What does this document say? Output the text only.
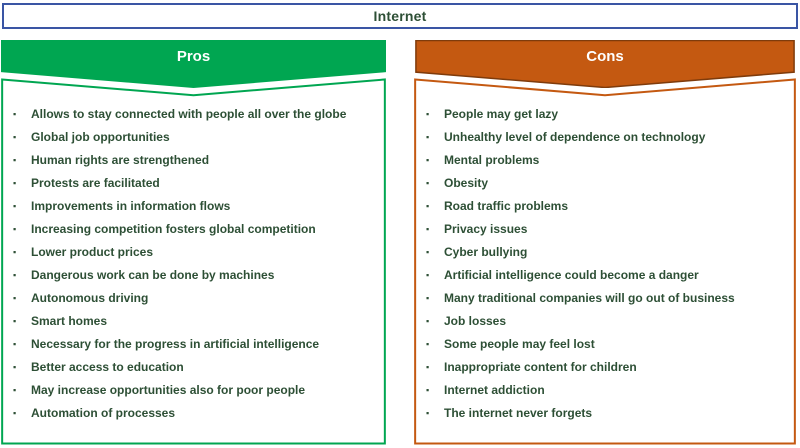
Internet
▪	Allows to stay connected with people all over the globe
▪	Global job opportunities
▪	Human rights are strengthened
▪	Protests are facilitated
▪	Improvements in information flows
▪	Increasing competition fosters global competition
▪	Lower product prices
▪	Dangerous work can be done by machines
▪	Autonomous driving
▪	Smart homes
▪	Necessary for the progress in artificial intelligence
▪	Better access to education
▪	May increase opportunities also for poor people
▪	Automation of processes
Pros
▪	People may get lazy
▪	Unhealthy level of dependence on technology
▪	Mental problems
▪	Obesity
▪	Road traffic problems
▪	Privacy issues
▪	Cyber bullying
▪	Artificial intelligence could become a danger
▪	Many traditional companies will go out of business
▪	Job losses
▪	Some people may feel lost
▪	Inappropriate content for children
▪	Internet addiction
▪	The internet never forgets
Cons
